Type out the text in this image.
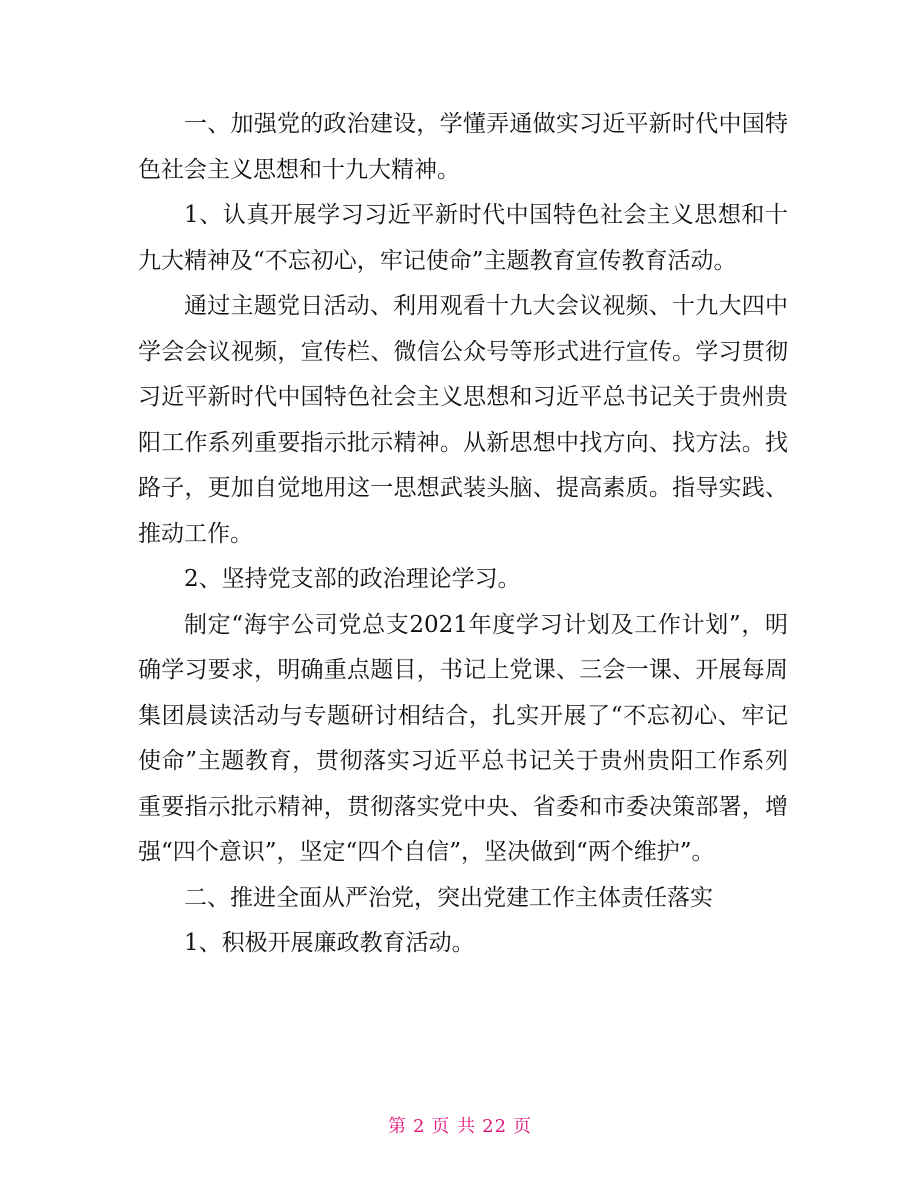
一、加强党的政治建设，学懂弄通做实习近平新时代中国特色社会主义思想和十九大精神。

1、认真开展学习习近平新时代中国特色社会主义思想和十九大精神及“不忘初心，牢记使命”主题教育宣传教育活动。

通过主题党日活动、利用观看十九大会议视频、十九大四中学会会议视频，宣传栏、微信公众号等形式进行宣传。学习贯彻习近平新时代中国特色社会主义思想和习近平总书记关于贵州贵阳工作系列重要指示批示精神。从新思想中找方向、找方法。找路子，更加自觉地用这一思想武装头脑、提高素质。指导实践、推动工作。

2、坚持党支部的政治理论学习。

制定“海宇公司党总支2021年度学习计划及工作计划”，明确学习要求，明确重点题目，书记上党课、三会一课、开展每周集团晨读活动与专题研讨相结合，扎实开展了“不忘初心、牢记使命”主题教育，贯彻落实习近平总书记关于贵州贵阳工作系列重要指示批示精神，贯彻落实党中央、省委和市委决策部署，增强“四个意识”，坚定“四个自信”，坚决做到“两个维护”。

二、推进全面从严治党，突出党建工作主体责任落实

1、积极开展廉政教育活动。

第 2 页 共 22 页
